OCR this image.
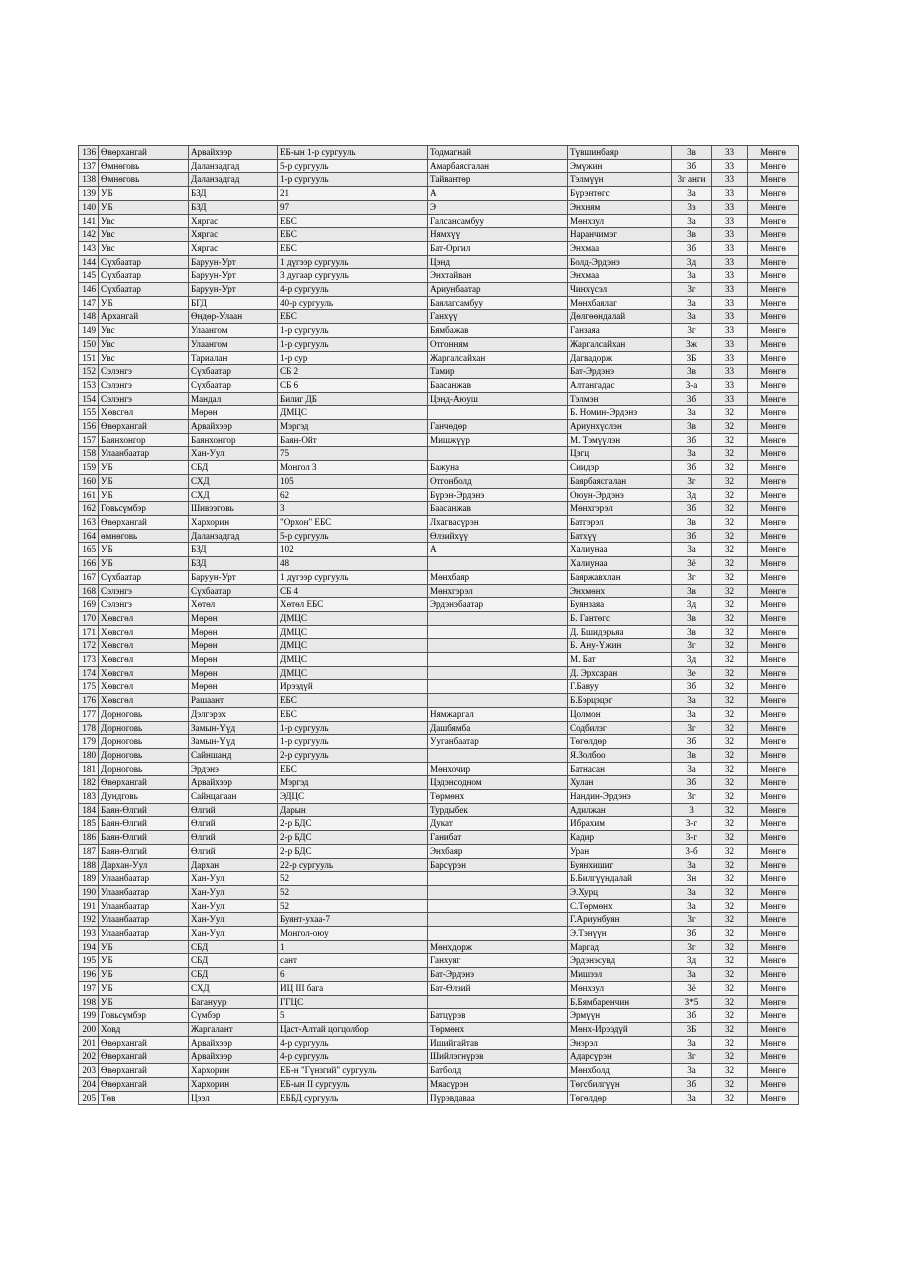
136	Өвөрхангай	Арвайхээр	ЕБ-ын 1-р сургууль	Тодмагнай	Түвшинбаяр	3в	33	Мөнгө
137	Өмнөговь	Даланзадгад	5-р сургууль	Амарбаясгалан	Эмүжин	3б	33	Мөнгө
138	Өмнөговь	Даланзадгад	1-р сургууль	Тайвантөр	Тэлмүүн	3г анги	33	Мөнгө
139	УБ	БЗД	21	А	Бүрэнтөгс	3а	33	Мөнгө
140	УБ	БЗД	97	Э	Энхням	3з	33	Мөнгө
141	Увс	Хяргас	ЕБС	Галсансамбуу	Мөнхзул	3а	33	Мөнгө
142	Увс	Хяргас	ЕБС	Нямхүү	Наранчимэг	3в	33	Мөнгө
143	Увс	Хяргас	ЕБС	Бат-Оргил	Энхмаа	3б	33	Мөнгө
144	Сүхбаатар	Баруун-Урт	1 дүгээр сургууль	Цэнд	Болд-Эрдэнэ	3д	33	Мөнгө
145	Сүхбаатар	Баруун-Урт	3 дугаар сургууль	Энхтайван	Энхмаа	3а	33	Мөнгө
146	Сүхбаатар	Баруун-Урт	4-р сургууль	Ариунбаатар	Чинхүсэл	3г	33	Мөнгө
147	УБ	БГД	40-р сургууль	Баялагсамбуу	Мөнхбаялаг	3а	33	Мөнгө
148	Архангай	Өндөр-Улаан	ЕБС	Ганхүү	Дөлгөөндалай	3а	33	Мөнгө
149	Увс	Улаангом	1-р сургууль	Бямбажав	Ганзаяа	3г	33	Мөнгө
150	Увс	Улаангом	1-р сургууль	Отгонням	Жаргалсайхан	3ж	33	Мөнгө
151	Увс	Тариалан	1-р сур	Жаргалсайхан	Дагвадорж	3Б	33	Мөнгө
152	Сэлэнгэ	Сүхбаатар	СБ 2	Тамир	Бат-Эрдэнэ	3в	33	Мөнгө
153	Сэлэнгэ	Сүхбаатар	СБ 6	Баасанжав	Алтангадас	3-а	33	Мөнгө
154	Сэлэнгэ	Мандал	Билиг ДБ	Цэнд-Аюуш	Тэлмэн	3б	33	Мөнгө
155	Хөвсгөл	Мөрөн	ДМЦС		Б. Номин-Эрдэнэ	3а	32	Мөнгө
156	Өвөрхангай	Арвайхээр	Мэргэд	Ганчөдөр	Ариунхүслэн	3в	32	Мөнгө
157	Баянхонгор	Баянхонгор	Баян-Ойт	Мишжүүр	М. Тэмүүлэн	3б	32	Мөнгө
158	Улаанбаатар	Хан-Уул	75		Цэгц	3а	32	Мөнгө
159	УБ	СБД	Монгол 3	Бажуна	Сиидэр	3б	32	Мөнгө
160	УБ	СХД	105	Отгонболд	Баярбаясгалан	3г	32	Мөнгө
161	УБ	СХД	62	Бүрэн-Эрдэнэ	Оюун-Эрдэнэ	3д	32	Мөнгө
162	Говьсүмбэр	Шивээговь	3	Баасанжав	Мөнхгэрэл	3б	32	Мөнгө
163	Өвөрхангай	Хархорин	"Орхон" ЕБС	Лхагвасүрэн	Батгэрэл	3в	32	Мөнгө
164	өмнөговь	Даланзадгад	5-р сургууль	Өлзийхүү	Батхүү	3б	32	Мөнгө
165	УБ	БЗД	102	А	Халиунаа	3а	32	Мөнгө
166	УБ	БЗД	48		Халиунаа	3ё	32	Мөнгө
167	Сүхбаатар	Баруун-Урт	1 дүгээр сургууль	Мөнхбаяр	Баяржавхлан	3г	32	Мөнгө
168	Сэлэнгэ	Сүхбаатар	СБ 4	Мөнхгэрэл	Энхмөнх	3в	32	Мөнгө
169	Сэлэнгэ	Хөтөл	Хөтөл ЕБС	Эрдэнэбаатар	Буянзаяа	3д	32	Мөнгө
170	Хөвсгөл	Мөрөн	ДМЦС		Б. Гантөгс	3в	32	Мөнгө
171	Хөвсгөл	Мөрөн	ДМЦС		Д. Бшидэрьяа	3в	32	Мөнгө
172	Хөвсгөл	Мөрөн	ДМЦС		Б. Ану-Үжин	3г	32	Мөнгө
173	Хөвсгөл	Мөрөн	ДМЦС		М. Бат	3д	32	Мөнгө
174	Хөвсгөл	Мөрөн	ДМЦС		Д. Эрхсаран	3е	32	Мөнгө
175	Хөвсгөл	Мөрөн	Ирээдүй		Г.Бавуу	3б	32	Мөнгө
176	Хөвсгөл	Рашаант	ЕБС		Б.Бэрцэцэг	3а	32	Мөнгө
177	Дорноговь	Дэлгэрэх	ЕБС	Нямжаргал	Цолмон	3а	32	Мөнгө
178	Дорноговь	Замын-Үүд	1-р сургууль	Дашбямба	Содбилэг	3г	32	Мөнгө
179	Дорноговь	Замын-Үүд	1-р сургууль	Ууганбаатар	Төгөлдөр	3б	32	Мөнгө
180	Дорноговь	Сайншанд	2-р сургууль		Я.Золбоо	3в	32	Мөнгө
181	Дорноговь	Эрдэнэ	ЕБС	Мөнхочир	Батнасан	3а	32	Мөнгө
182	Өвөрхангай	Арвайхээр	Мэргэд	Цэдэнсодном	Хулан	3б	32	Мөнгө
183	Дундговь	Сайнцагаан	ЭДЦС	Төрмөнх	Нандин-Эрдэнэ	3г	32	Мөнгө
184	Баян-Өлгий	Өлгий	Дарын	Турдыбек	Адилжан	3	32	Мөнгө
185	Баян-Өлгий	Өлгий	2-р БДС	Дукат	Ибрахим	3-г	32	Мөнгө
186	Баян-Өлгий	Өлгий	2-р БДС	Ганибат	Кадир	3-г	32	Мөнгө
187	Баян-Өлгий	Өлгий	2-р БДС	Энхбаяр	Уран	3-б	32	Мөнгө
188	Дархан-Уул	Дархан	22-р сургууль	Барсүрэн	Буянхишиг	3а	32	Мөнгө
189	Улаанбаатар	Хан-Уул	52		Б.Билгүүндалай	3н	32	Мөнгө
190	Улаанбаатар	Хан-Уул	52		Э.Хурц	3а	32	Мөнгө
191	Улаанбаатар	Хан-Уул	52		С.Төрмөнх	3а	32	Мөнгө
192	Улаанбаатар	Хан-Уул	Буянт-ухаа-7		Г.Ариунбуян	3г	32	Мөнгө
193	Улаанбаатар	Хан-Уул	Монгол-оюу		Э.Тэнүүн	3б	32	Мөнгө
194	УБ	СБД	1	Мөнхдорж	Маргад	3г	32	Мөнгө
195	УБ	СБД	сант	Ганхуяг	Эрдэнэсувд	3д	32	Мөнгө
196	УБ	СБД	6	Бат-Эрдэнэ	Мишээл	3а	32	Мөнгө
197	УБ	СХД	ИЦ III бага	Бат-Өлзий	Мөнхзул	3ё	32	Мөнгө
198	УБ	Багануур	ГГЦС		Б.Бямбаренчин	3*5	32	Мөнгө
199	Говьсүмбэр	Сүмбэр	5	Батцүрэв	Эрмүүн	3б	32	Мөнгө
200	Ховд	Жаргалант	Цаст-Алтай цогцолбор	Төрмөнх	Мөнх-Ирээдүй	3Б	32	Мөнгө
201	Өвөрхангай	Арвайхээр	4-р сургууль	Ишийгайтав	Энэрэл	3а	32	Мөнгө
202	Өвөрхангай	Арвайхээр	4-р сургууль	Шийлэгнүрэв	Адарсүрэн	3г	32	Мөнгө
203	Өвөрхангай	Хархорин	ЕБ-н "Гүнзгий" сургууль	Батболд	Мөнхболд	3а	32	Мөнгө
204	Өвөрхангай	Хархорин	ЕБ-ын II сургууль	Мяасүрэн	Төгсбилгүүн	3б	32	Мөнгө
205	Төв	Цээл	ЕББД сургууль	Пүрэвдаваа	Төгөлдөр	3а	32	Мөнгө
